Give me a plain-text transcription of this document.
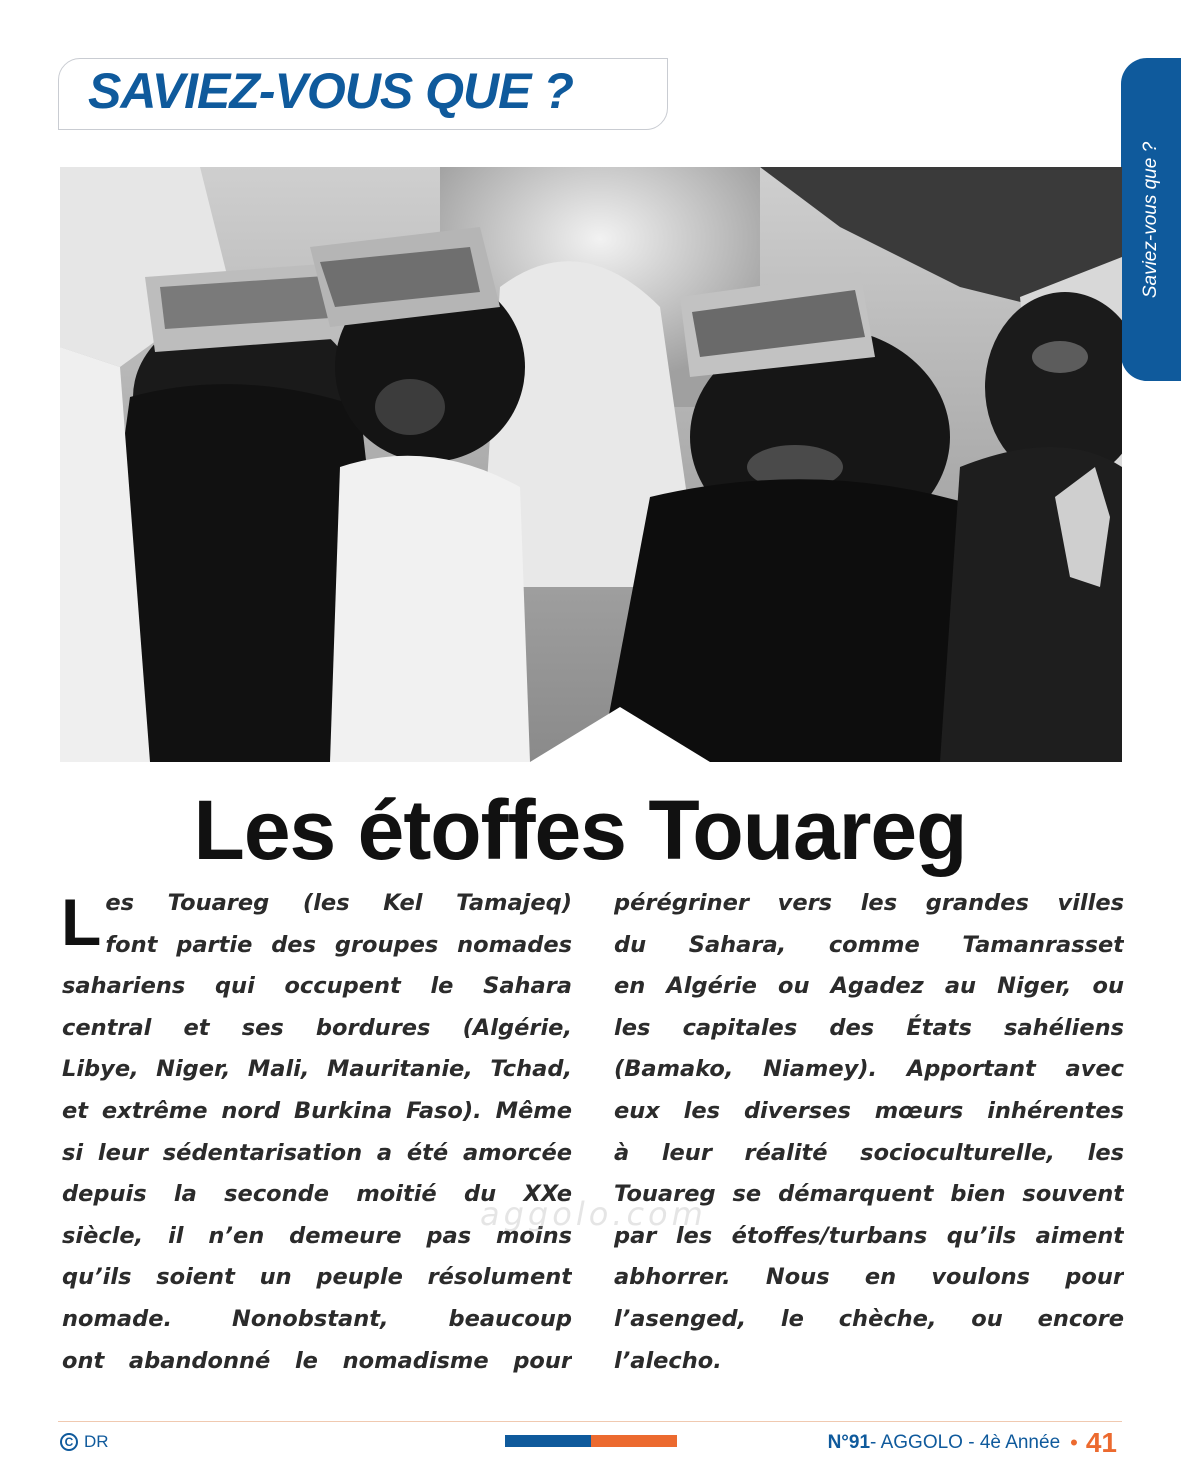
SAVIEZ-VOUS QUE ?
Saviez-vous que ?
Les étoffes Touareg
L es Touareg (les Kel Tamajeq)
font partie des groupes nomades
sahariens qui occupent le Sahara
central et ses bordures (Algérie,
Libye, Niger, Mali, Mauritanie, Tchad,
et extrême nord Burkina Faso). Même
si leur sédentarisation a été amorcée
depuis la seconde moitié du XXe
siècle, il n’en demeure pas moins
qu’ils soient un peuple résolument
nomade. Nonobstant, beaucoup
ont abandonné le nomadisme pour
pérégriner vers les grandes villes
du Sahara, comme Tamanrasset
en Algérie ou Agadez au Niger, ou
les capitales des États sahéliens
(Bamako, Niamey). Apportant avec
eux les diverses mœurs inhérentes
à leur réalité socioculturelle, les
Touareg se démarquent bien souvent
par les étoffes/turbans qu’ils aiment
abhorrer. Nous en voulons pour
l’asenged, le chèche, ou encore
l’alecho.
aggolo.com
C DR	N°91 - AGGOLO - 4è Année • 41
